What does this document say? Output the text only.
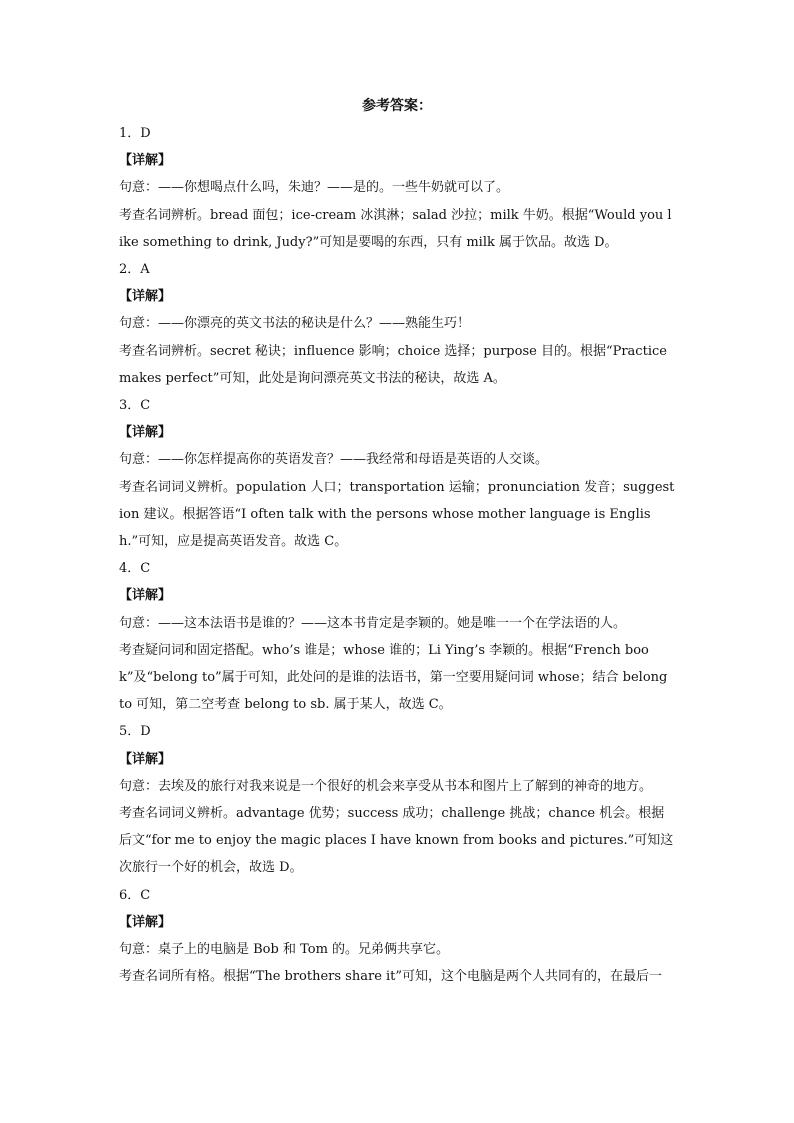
参考答案：
1．D
【详解】
句意：——你想喝点什么吗，朱迪？——是的。一些牛奶就可以了。
考查名词辨析。bread 面包；ice-cream 冰淇淋；salad 沙拉；milk 牛奶。根据“Would you like something to drink, Judy?”可知是要喝的东西，只有 milk 属于饮品。故选 D。
2．A
【详解】
句意：——你漂亮的英文书法的秘诀是什么？——熟能生巧！
考查名词辨析。secret 秘诀；influence 影响；choice 选择；purpose 目的。根据“Practice makes perfect”可知，此处是询问漂亮英文书法的秘诀，故选 A。
3．C
【详解】
句意：——你怎样提高你的英语发音？——我经常和母语是英语的人交谈。
考查名词词义辨析。population 人口；transportation 运输；pronunciation 发音；suggestion 建议。根据答语“I often talk with the persons whose mother language is English.”可知，应是提高英语发音。故选 C。
4．C
【详解】
句意：——这本法语书是谁的？——这本书肯定是李颖的。她是唯一一个在学法语的人。
考查疑问词和固定搭配。who’s 谁是；whose 谁的；Li Ying’s 李颖的。根据“French book”及“belong to”属于可知，此处问的是谁的法语书，第一空要用疑问词 whose；结合 belong to 可知，第二空考查 belong to sb. 属于某人，故选 C。
5．D
【详解】
句意：去埃及的旅行对我来说是一个很好的机会来享受从书本和图片上了解到的神奇的地方。
考查名词词义辨析。advantage 优势；success 成功；challenge 挑战；chance 机会。根据后文“for me to enjoy the magic places I have known from books and pictures.”可知这次旅行一个好的机会，故选 D。
6．C
【详解】
句意：桌子上的电脑是 Bob 和 Tom 的。兄弟俩共享它。
考查名词所有格。根据“The brothers share it”可知，这个电脑是两个人共同有的，在最后一
